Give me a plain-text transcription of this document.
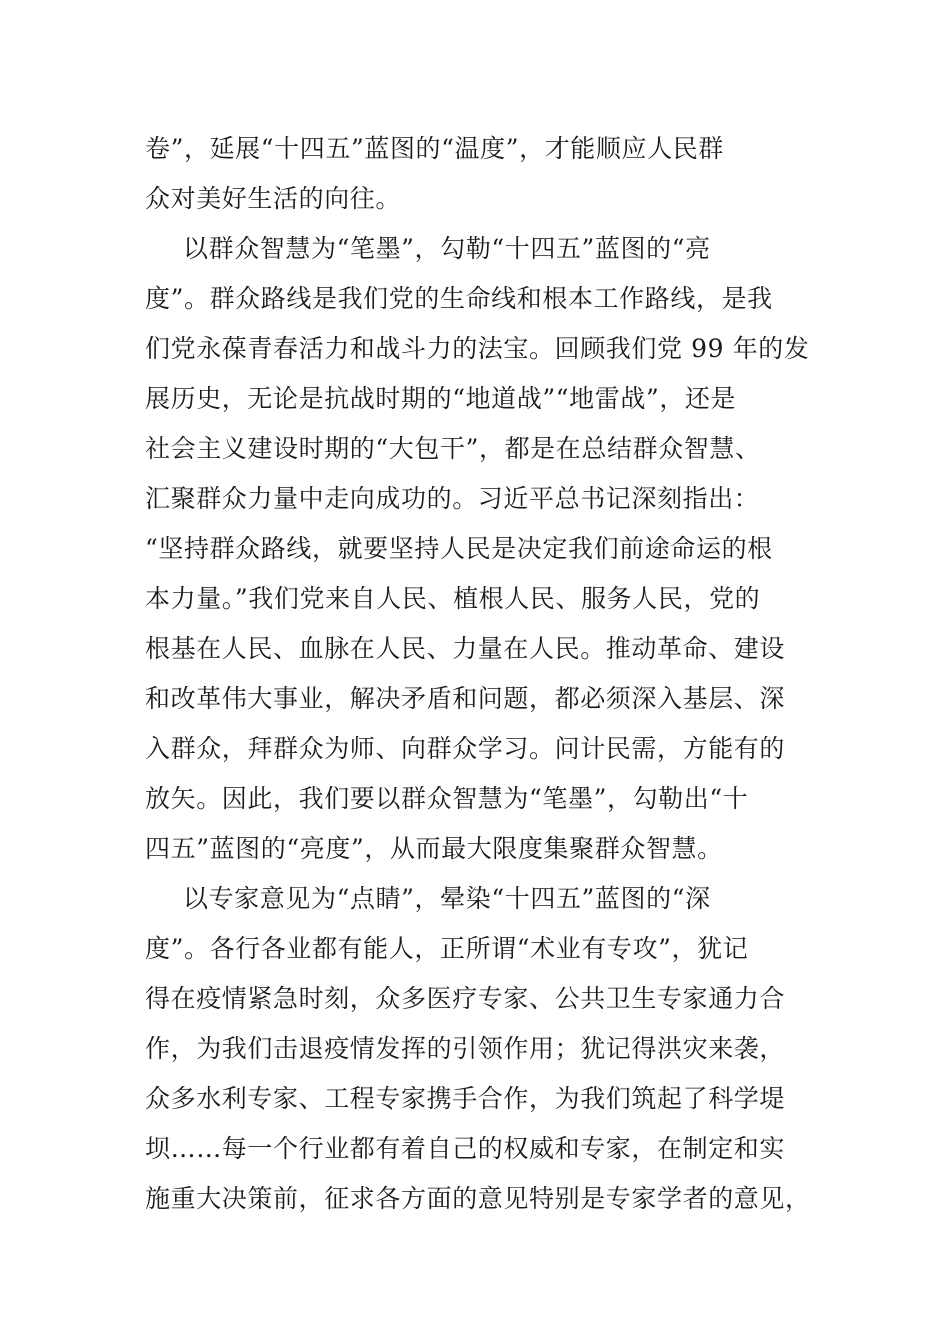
卷”，延展“十四五”蓝图的“温度”，才能顺应人民群
众对美好生活的向往。
以群众智慧为“笔墨”，勾勒“十四五”蓝图的“亮
度”。群众路线是我们党的生命线和根本工作路线，是我
们党永葆青春活力和战斗力的法宝。回顾我们党 99 年的发
展历史，无论是抗战时期的“地道战”“地雷战”，还是
社会主义建设时期的“大包干”，都是在总结群众智慧、
汇聚群众力量中走向成功的。习近平总书记深刻指出：
“坚持群众路线，就要坚持人民是决定我们前途命运的根
本力量。”我们党来自人民、植根人民、服务人民，党的
根基在人民、血脉在人民、力量在人民。推动革命、建设
和改革伟大事业，解决矛盾和问题，都必须深入基层、深
入群众，拜群众为师、向群众学习。问计民需，方能有的
放矢。因此，我们要以群众智慧为“笔墨”，勾勒出“十
四五”蓝图的“亮度”，从而最大限度集聚群众智慧。
以专家意见为“点睛”，晕染“十四五”蓝图的“深
度”。各行各业都有能人，正所谓“术业有专攻”，犹记
得在疫情紧急时刻，众多医疗专家、公共卫生专家通力合
作，为我们击退疫情发挥的引领作用；犹记得洪灾来袭，
众多水利专家、工程专家携手合作，为我们筑起了科学堤
坝……每一个行业都有着自己的权威和专家，在制定和实
施重大决策前，征求各方面的意见特别是专家学者的意见，
